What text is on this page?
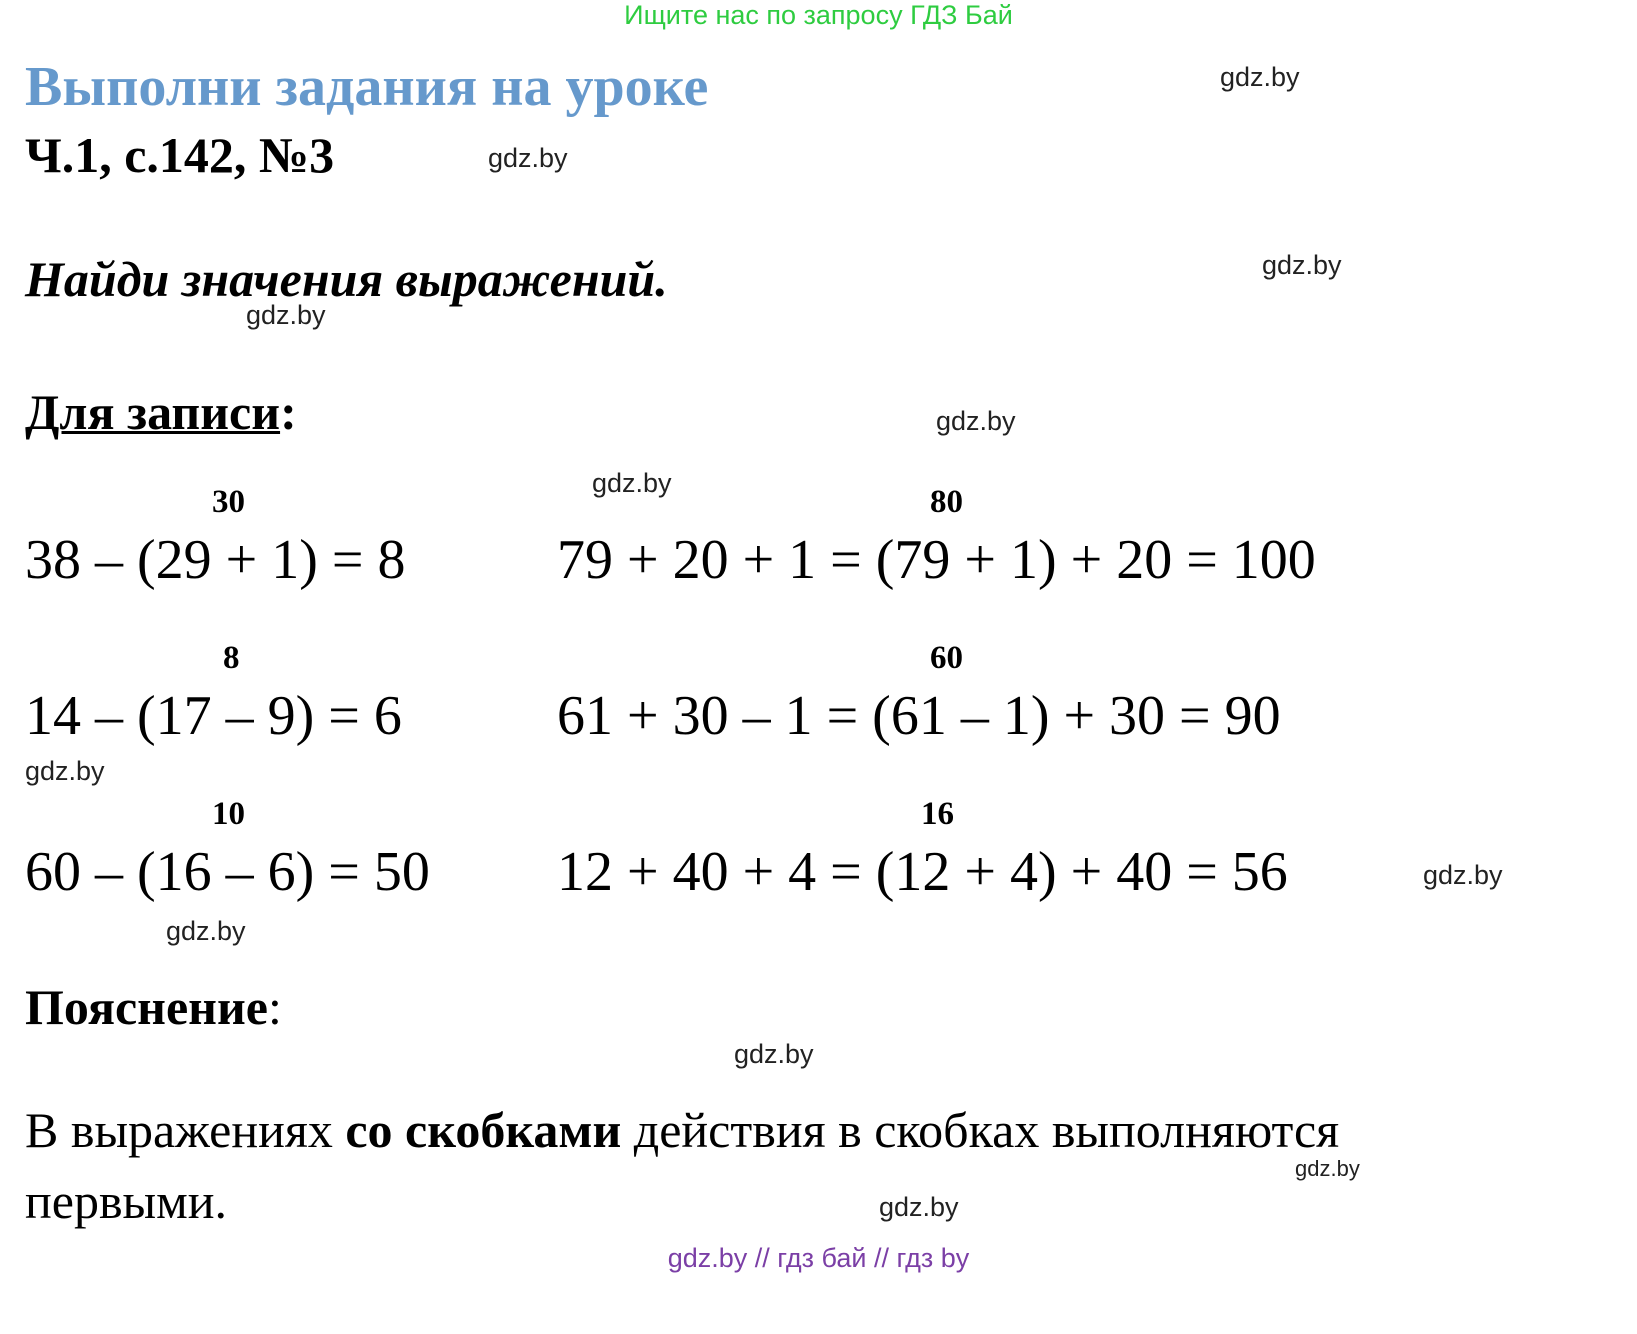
Ищите нас по запросу ГДЗ Бай
Выполни задания на уроке
Ч.1, с.142, №3
Найди значения выражений.
Для записи:
30
38 – (29 + 1) = 8
80
79 + 20 + 1 = (79 + 1) + 20 = 100
8
14 – (17 – 9) = 6
60
61 + 30 – 1 = (61 – 1) + 30 = 90
10
60 – (16 – 6) = 50
16
12 + 40 + 4 = (12 + 4) + 40 = 56
Пояснение:
В выражениях со скобками действия в скобках выполняются
первыми.
gdz.by
gdz.by
gdz.by
gdz.by
gdz.by
gdz.by
gdz.by
gdz.by
gdz.by
gdz.by
gdz.by
gdz.by
gdz.by // гдз бай // гдз by
